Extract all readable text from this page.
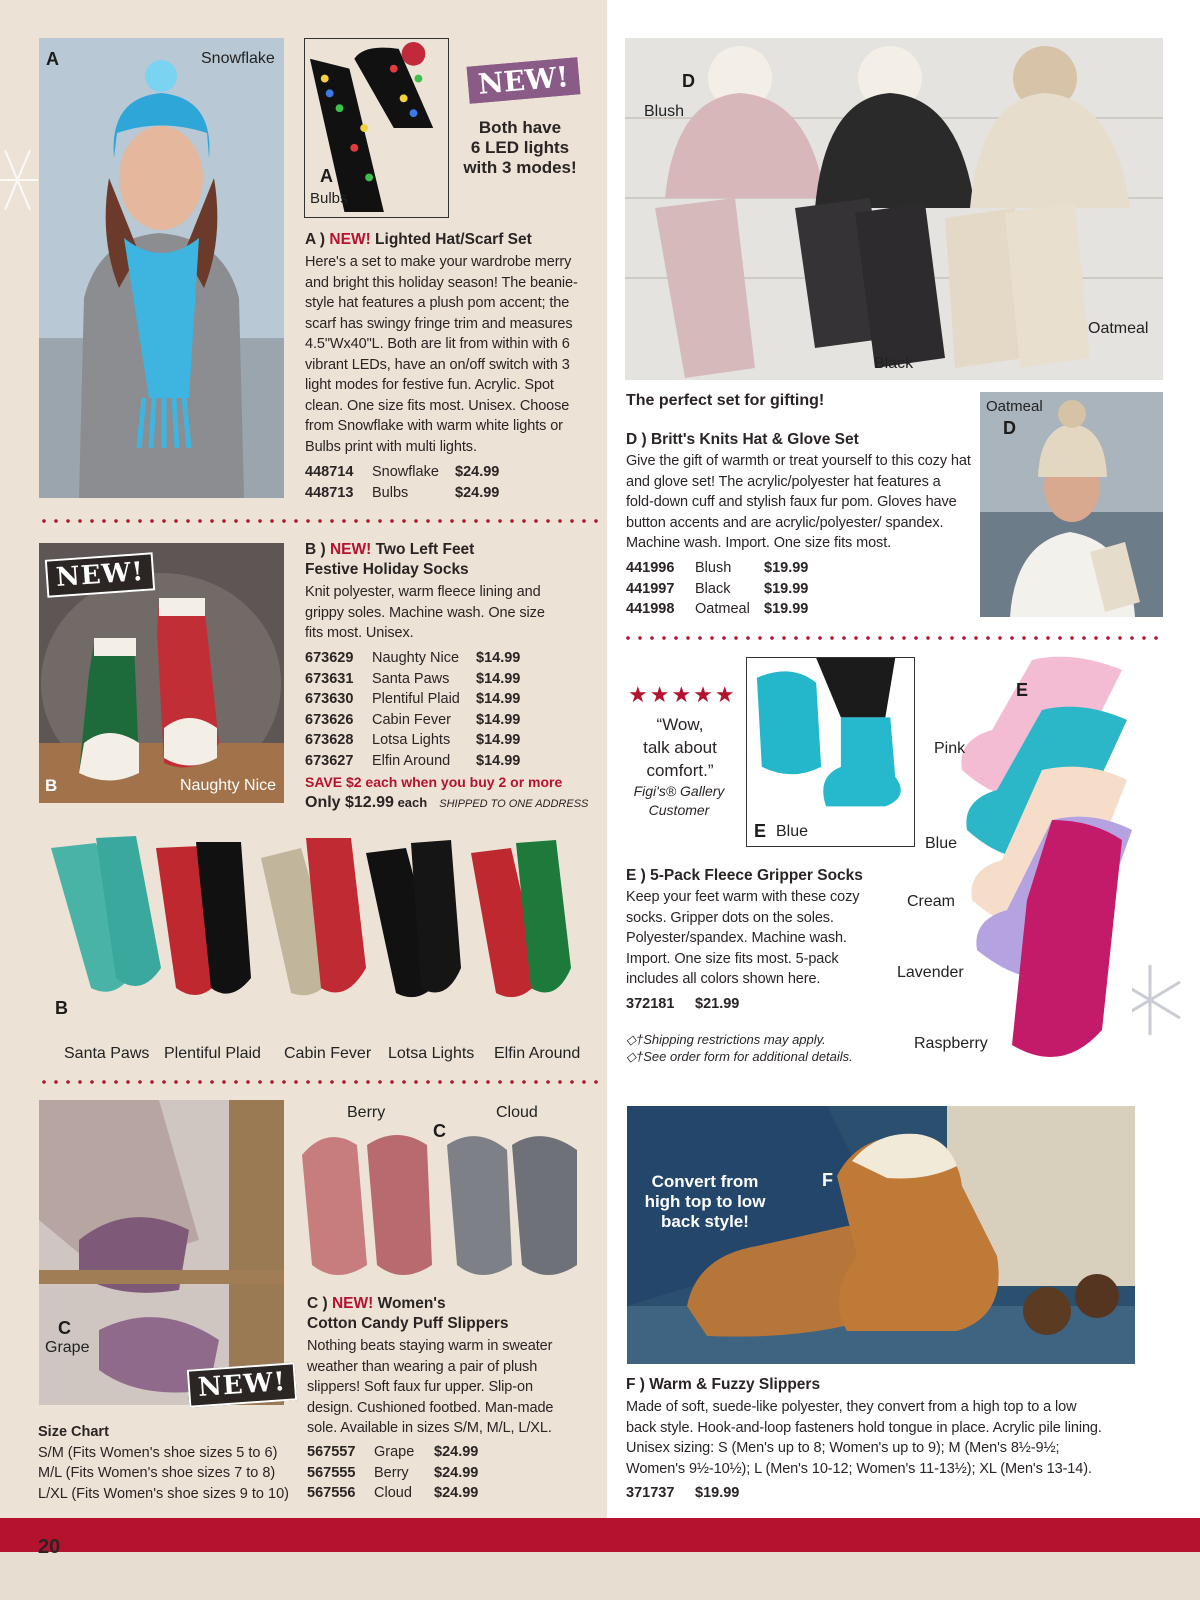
A	Snowflake
A
Bulbs
NEW!
Both have
6 LED lights
with 3 modes!
A ) NEW! Lighted Hat/Scarf Set
Here's a set to make your wardrobe merry and bright this holiday season! The beanie-style hat features a plush pom accent; the scarf has swingy fringe trim and measures 4.5"Wx40"L. Both are lit from within with 6 vibrant LEDs, have an on/off switch with 3 light modes for festive fun. Acrylic. Spot clean. One size fits most. Unisex. Choose from Snowflake with warm white lights or Bulbs print with multi lights.
448714	Snowflake	$24.99
448713	Bulbs	$24.99
NEW!
B	Naughty Nice
B ) NEW! Two Left Feet
Festive Holiday Socks
Knit polyester, warm fleece lining and grippy soles. Machine wash. One size fits most. Unisex.
673629	Naughty Nice	$14.99
673631	Santa Paws	$14.99
673630	Plentiful Plaid	$14.99
673626	Cabin Fever	$14.99
673628	Lotsa Lights	$14.99
673627	Elfin Around	$14.99
SAVE $2 each when you buy 2 or more
Only $12.99 each SHIPPED TO ONE ADDRESS
B
Santa Paws Plentiful Plaid Cabin Fever Lotsa Lights Elfin Around
C
Grape
NEW!
Berry	Cloud
C
C ) NEW! Women's
Cotton Candy Puff Slippers
Nothing beats staying warm in sweater weather than wearing a pair of plush slippers! Soft faux fur upper. Slip-on design. Cushioned footbed. Man-made sole. Available in sizes S/M, M/L, L/XL.
567557	Grape	$24.99
567555	Berry	$24.99
567556	Cloud	$24.99
Size Chart
S/M (Fits Women's shoe sizes 5 to 6)
M/L (Fits Women's shoe sizes 7 to 8)
L/XL (Fits Women's shoe sizes 9 to 10)
D
Blush
Black
Oatmeal
The perfect set for gifting!	Oatmeal
D
D ) Britt's Knits Hat & Glove Set
Give the gift of warmth or treat yourself to this cozy hat and glove set! The acrylic/polyester hat features a fold-down cuff and stylish faux fur pom. Gloves have button accents and are acrylic/polyester/ spandex. Machine wash. Import. One size fits most.
441996	Blush	$19.99
441997	Black	$19.99
441998	Oatmeal $19.99
★★★★★
“Wow,
talk about
comfort.”
Figi's® Gallery
Customer
E Blue
E
Pink
Blue
Cream
Lavender
Raspberry
E ) 5-Pack Fleece Gripper Socks
Keep your feet warm with these cozy socks. Gripper dots on the soles. Polyester/spandex. Machine wash. Import. One size fits most. 5-pack includes all colors shown here.
372181	$21.99
◇†Shipping restrictions may apply.
◇†See order form for additional details.
Convert from
high top to low
back style!
F
F ) Warm & Fuzzy Slippers
Made of soft, suede-like polyester, they convert from a high top to a low back style. Hook-and-loop fasteners hold tongue in place. Acrylic pile lining. Unisex sizing: S (Men's up to 8; Women's up to 9); M (Men's 8½-9½; Women's 9½-10½); L (Men's 10-12; Women's 11-13½); XL (Men's 13-14).
371737	$19.99
20
